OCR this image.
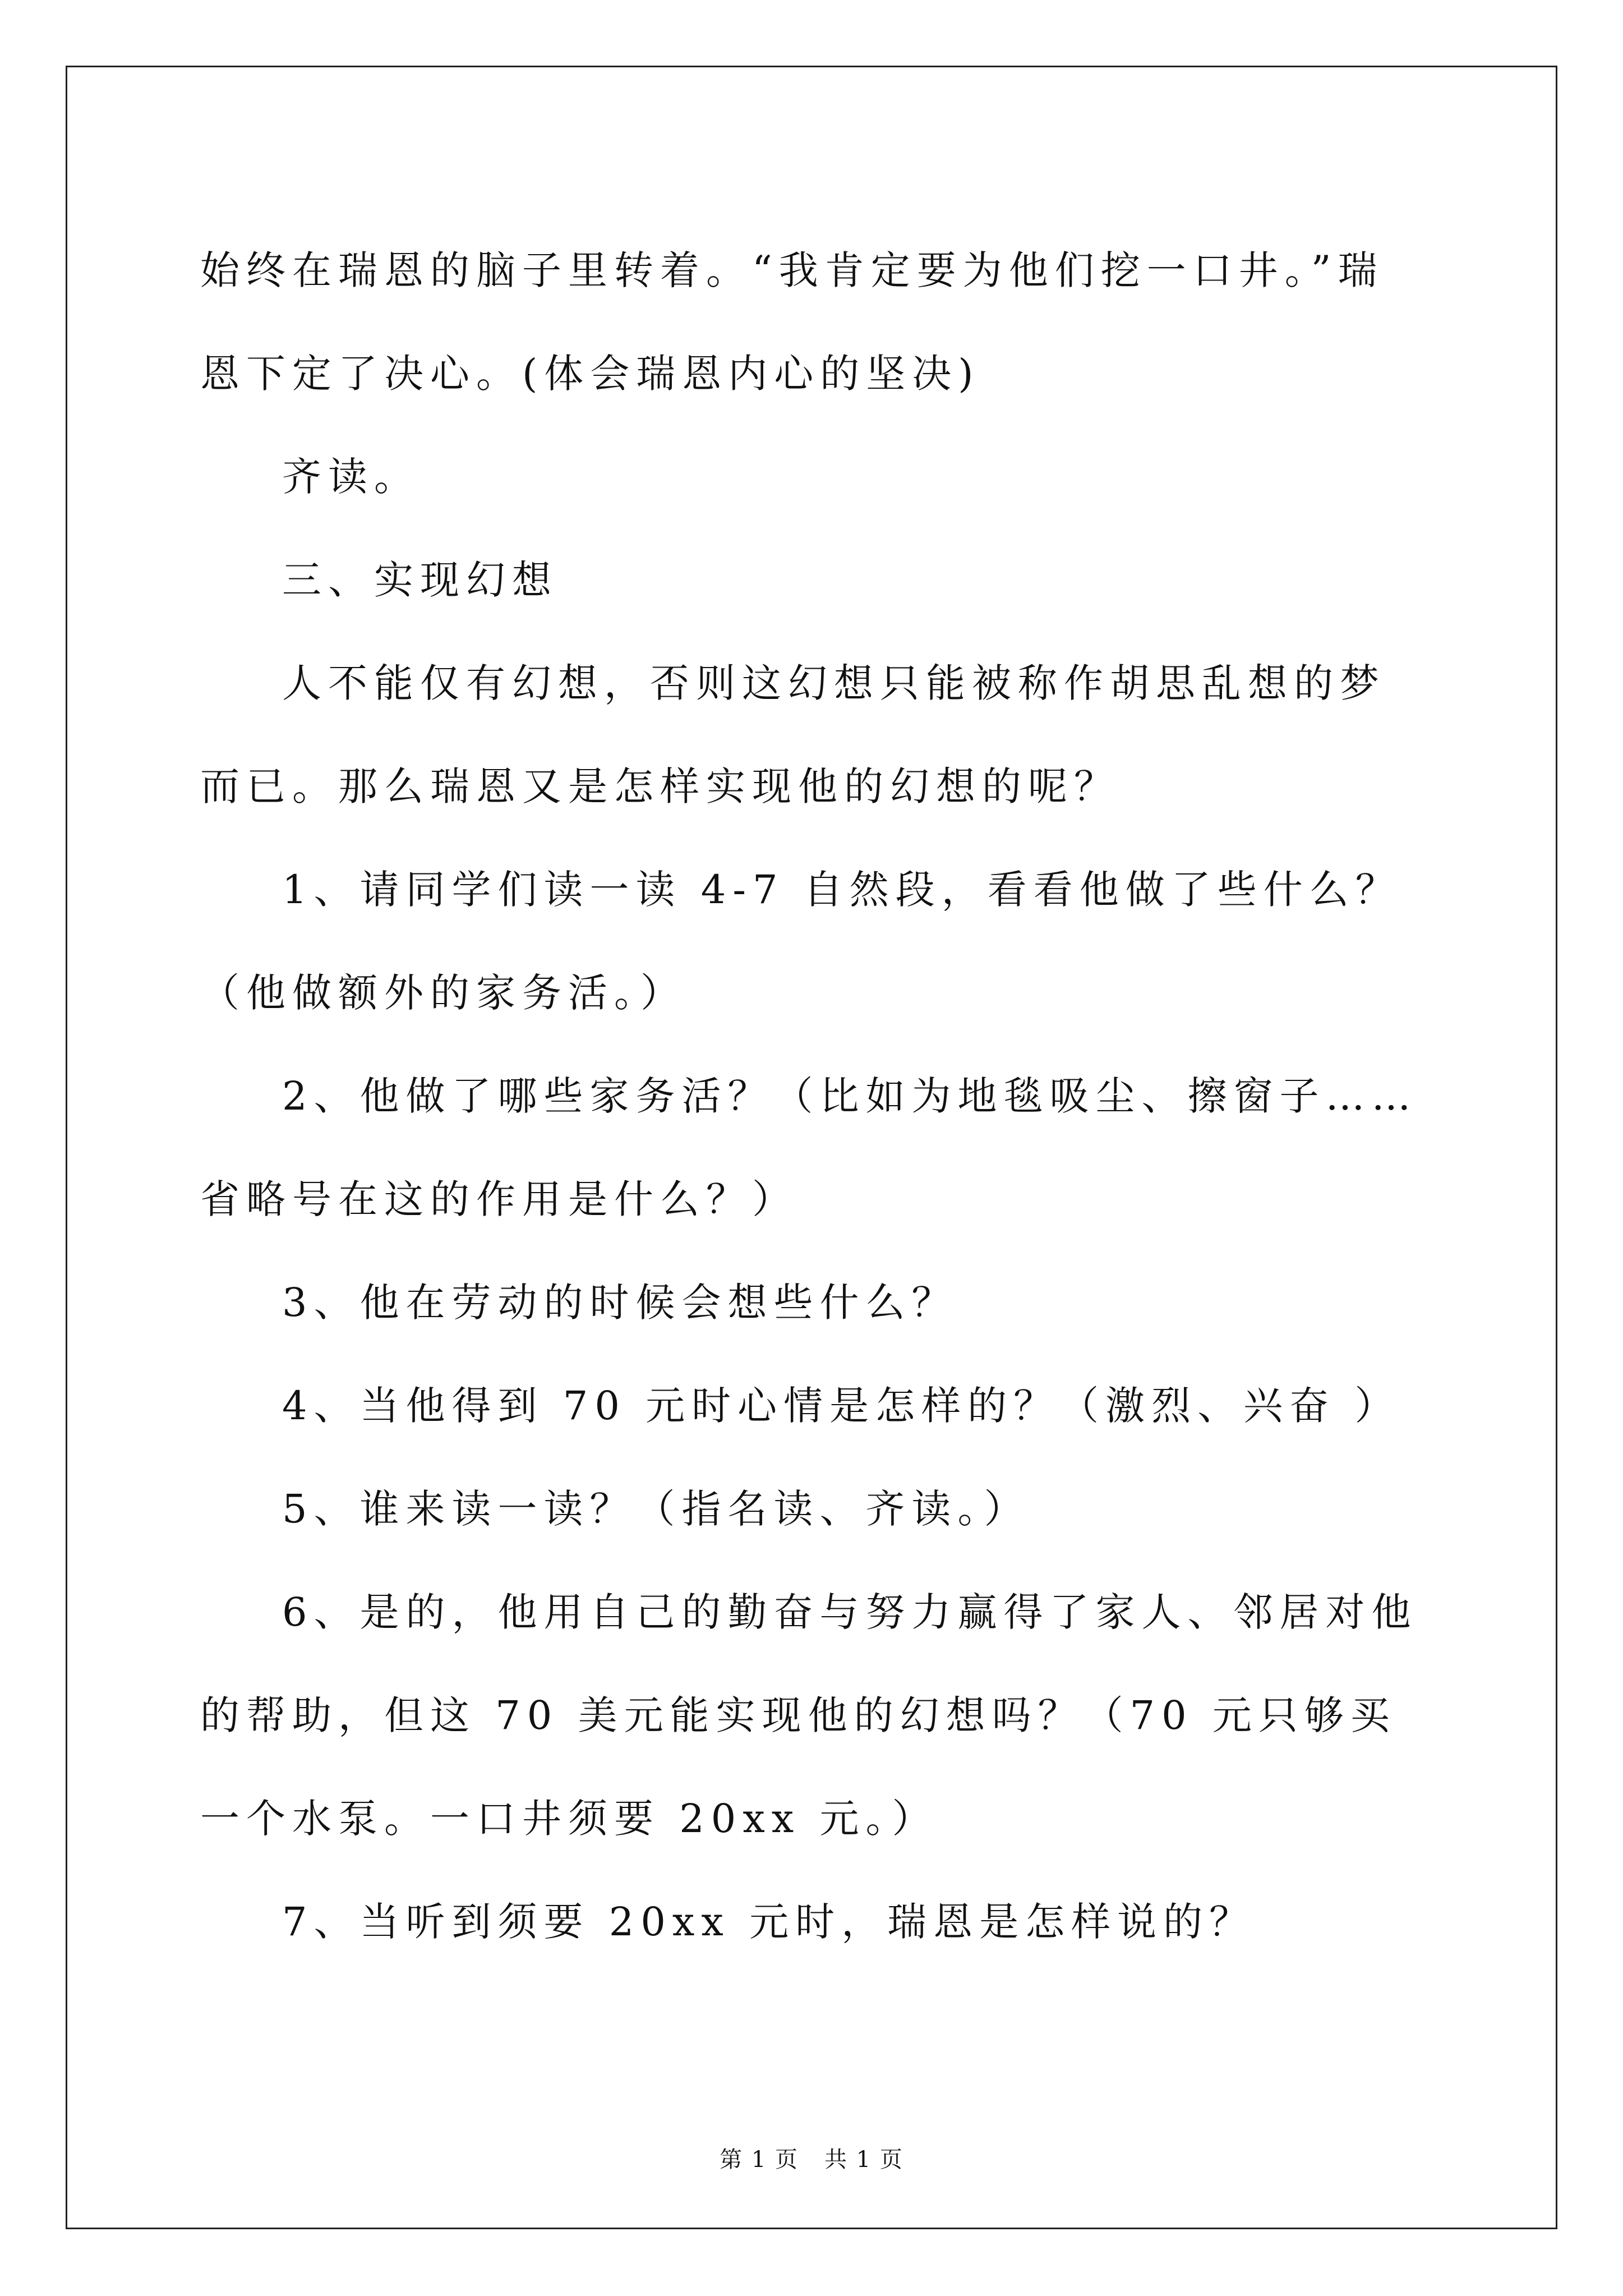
始终在瑞恩的脑子里转着。“我肯定要为他们挖一口井。”瑞恩下定了决心。(体会瑞恩内心的坚决)

齐读。

三、实现幻想

人不能仅有幻想，否则这幻想只能被称作胡思乱想的梦而已。那么瑞恩又是怎样实现他的幻想的呢？

1、请同学们读一读 4-7 自然段，看看他做了些什么？（他做额外的家务活。）

2、他做了哪些家务活？（比如为地毯吸尘、擦窗子……省略号在这的作用是什么？）

3、他在劳动的时候会想些什么？

4、当他得到 70 元时心情是怎样的？（激烈、兴奋 ）

5、谁来读一读？（指名读、齐读。）

6、是的，他用自己的勤奋与努力赢得了家人、邻居对他的帮助，但这 70 美元能实现他的幻想吗？（70 元只够买一个水泵。一口井须要 20xx 元。）

7、当听到须要 20xx 元时，瑞恩是怎样说的？

第 1 页 共 1 页
